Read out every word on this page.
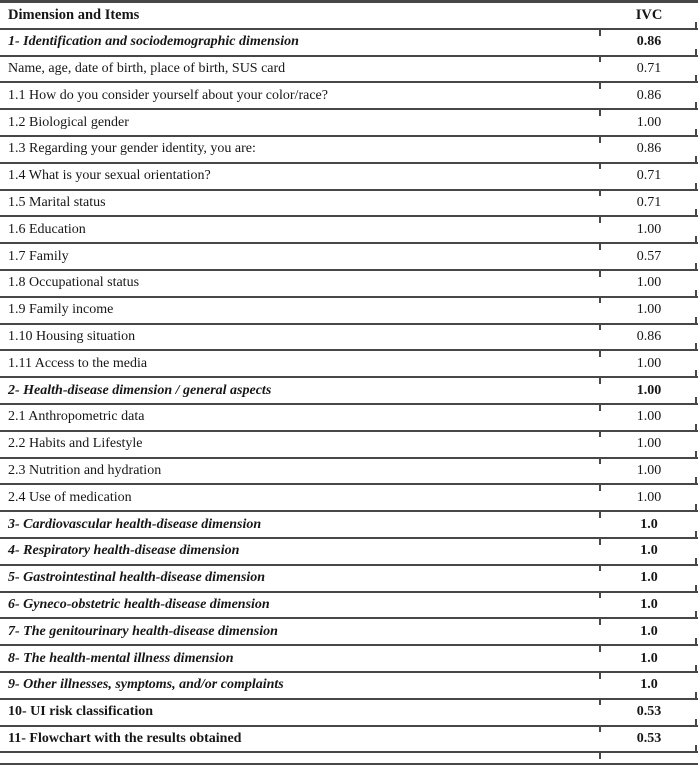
Dimension and Items	IVC
1- Identification and sociodemographic dimension	0.86
Name, age, date of birth, place of birth, SUS card	0.71
1.1 How do you consider yourself about your color/race?	0.86
1.2 Biological gender	1.00
1.3 Regarding your gender identity, you are:	0.86
1.4 What is your sexual orientation?	0.71
1.5 Marital status	0.71
1.6 Education	1.00
1.7 Family	0.57
1.8 Occupational status	1.00
1.9 Family income	1.00
1.10 Housing situation	0.86
1.11 Access to the media	1.00
2- Health-disease dimension / general aspects	1.00
2.1 Anthropometric data	1.00
2.2 Habits and Lifestyle	1.00
2.3 Nutrition and hydration	1.00
2.4 Use of medication	1.00
3- Cardiovascular health-disease dimension	1.0
4- Respiratory health-disease dimension	1.0
5- Gastrointestinal health-disease dimension	1.0
6- Gyneco-obstetric health-disease dimension	1.0
7- The genitourinary health-disease dimension	1.0
8- The health-mental illness dimension	1.0
9- Other illnesses, symptoms, and/or complaints	1.0
10- UI risk classification	0.53
11- Flowchart with the results obtained	0.53
